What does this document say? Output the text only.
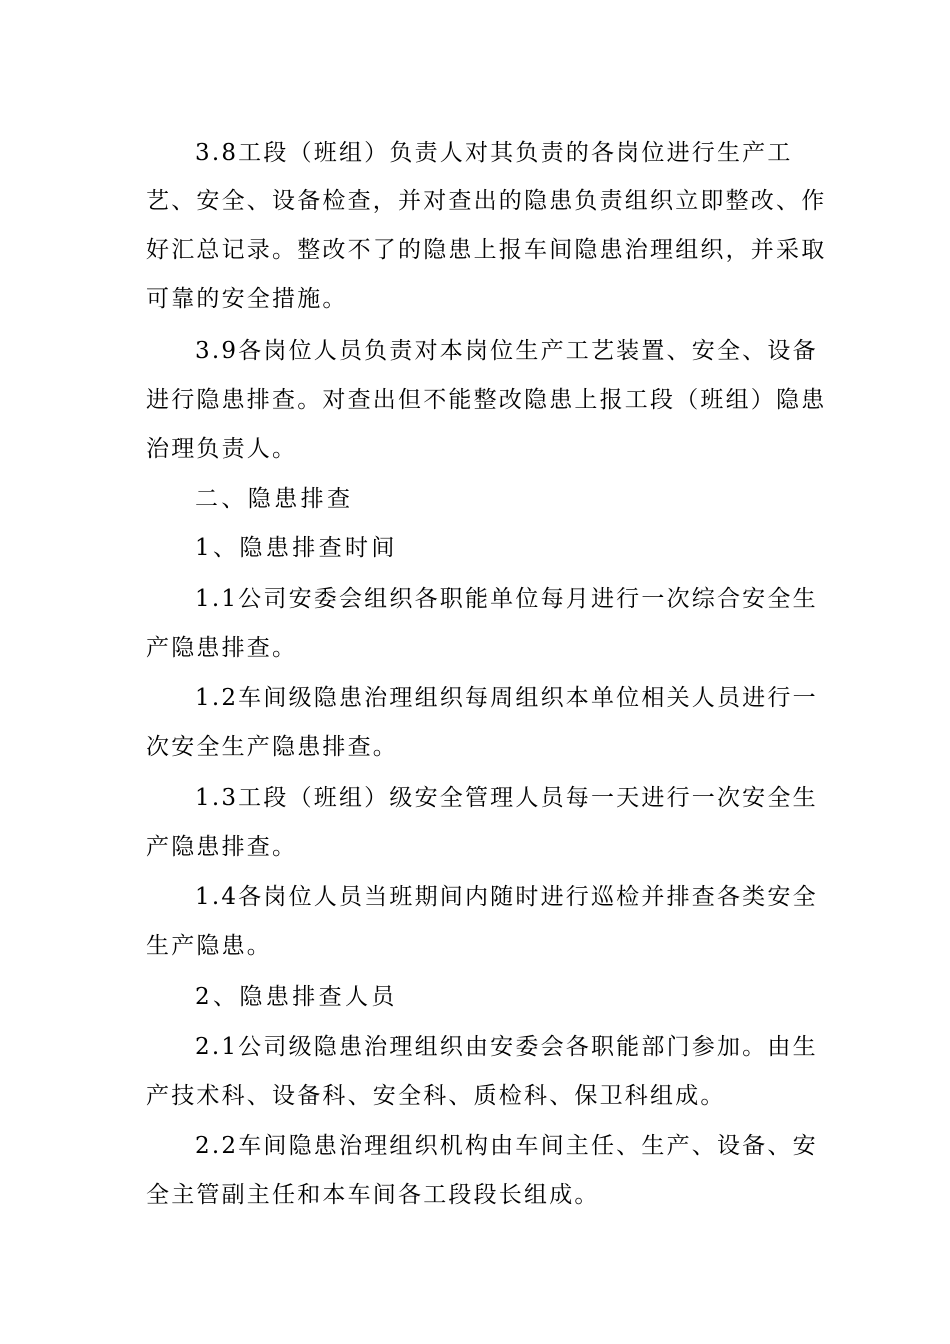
3.8工段（班组）负责人对其负责的各岗位进行生产工
艺、安全、设备检查，并对查出的隐患负责组织立即整改、作
好汇总记录。整改不了的隐患上报车间隐患治理组织，并采取
可靠的安全措施。
3.9各岗位人员负责对本岗位生产工艺装置、安全、设备
进行隐患排查。对查出但不能整改隐患上报工段（班组）隐患
治理负责人。
二、隐患排查
1、隐患排查时间
1.1公司安委会组织各职能单位每月进行一次综合安全生
产隐患排查。
1.2车间级隐患治理组织每周组织本单位相关人员进行一
次安全生产隐患排查。
1.3工段（班组）级安全管理人员每一天进行一次安全生
产隐患排查。
1.4各岗位人员当班期间内随时进行巡检并排查各类安全
生产隐患。
2、隐患排查人员
2.1公司级隐患治理组织由安委会各职能部门参加。由生
产技术科、设备科、安全科、质检科、保卫科组成。
2.2车间隐患治理组织机构由车间主任、生产、设备、安
全主管副主任和本车间各工段段长组成。
